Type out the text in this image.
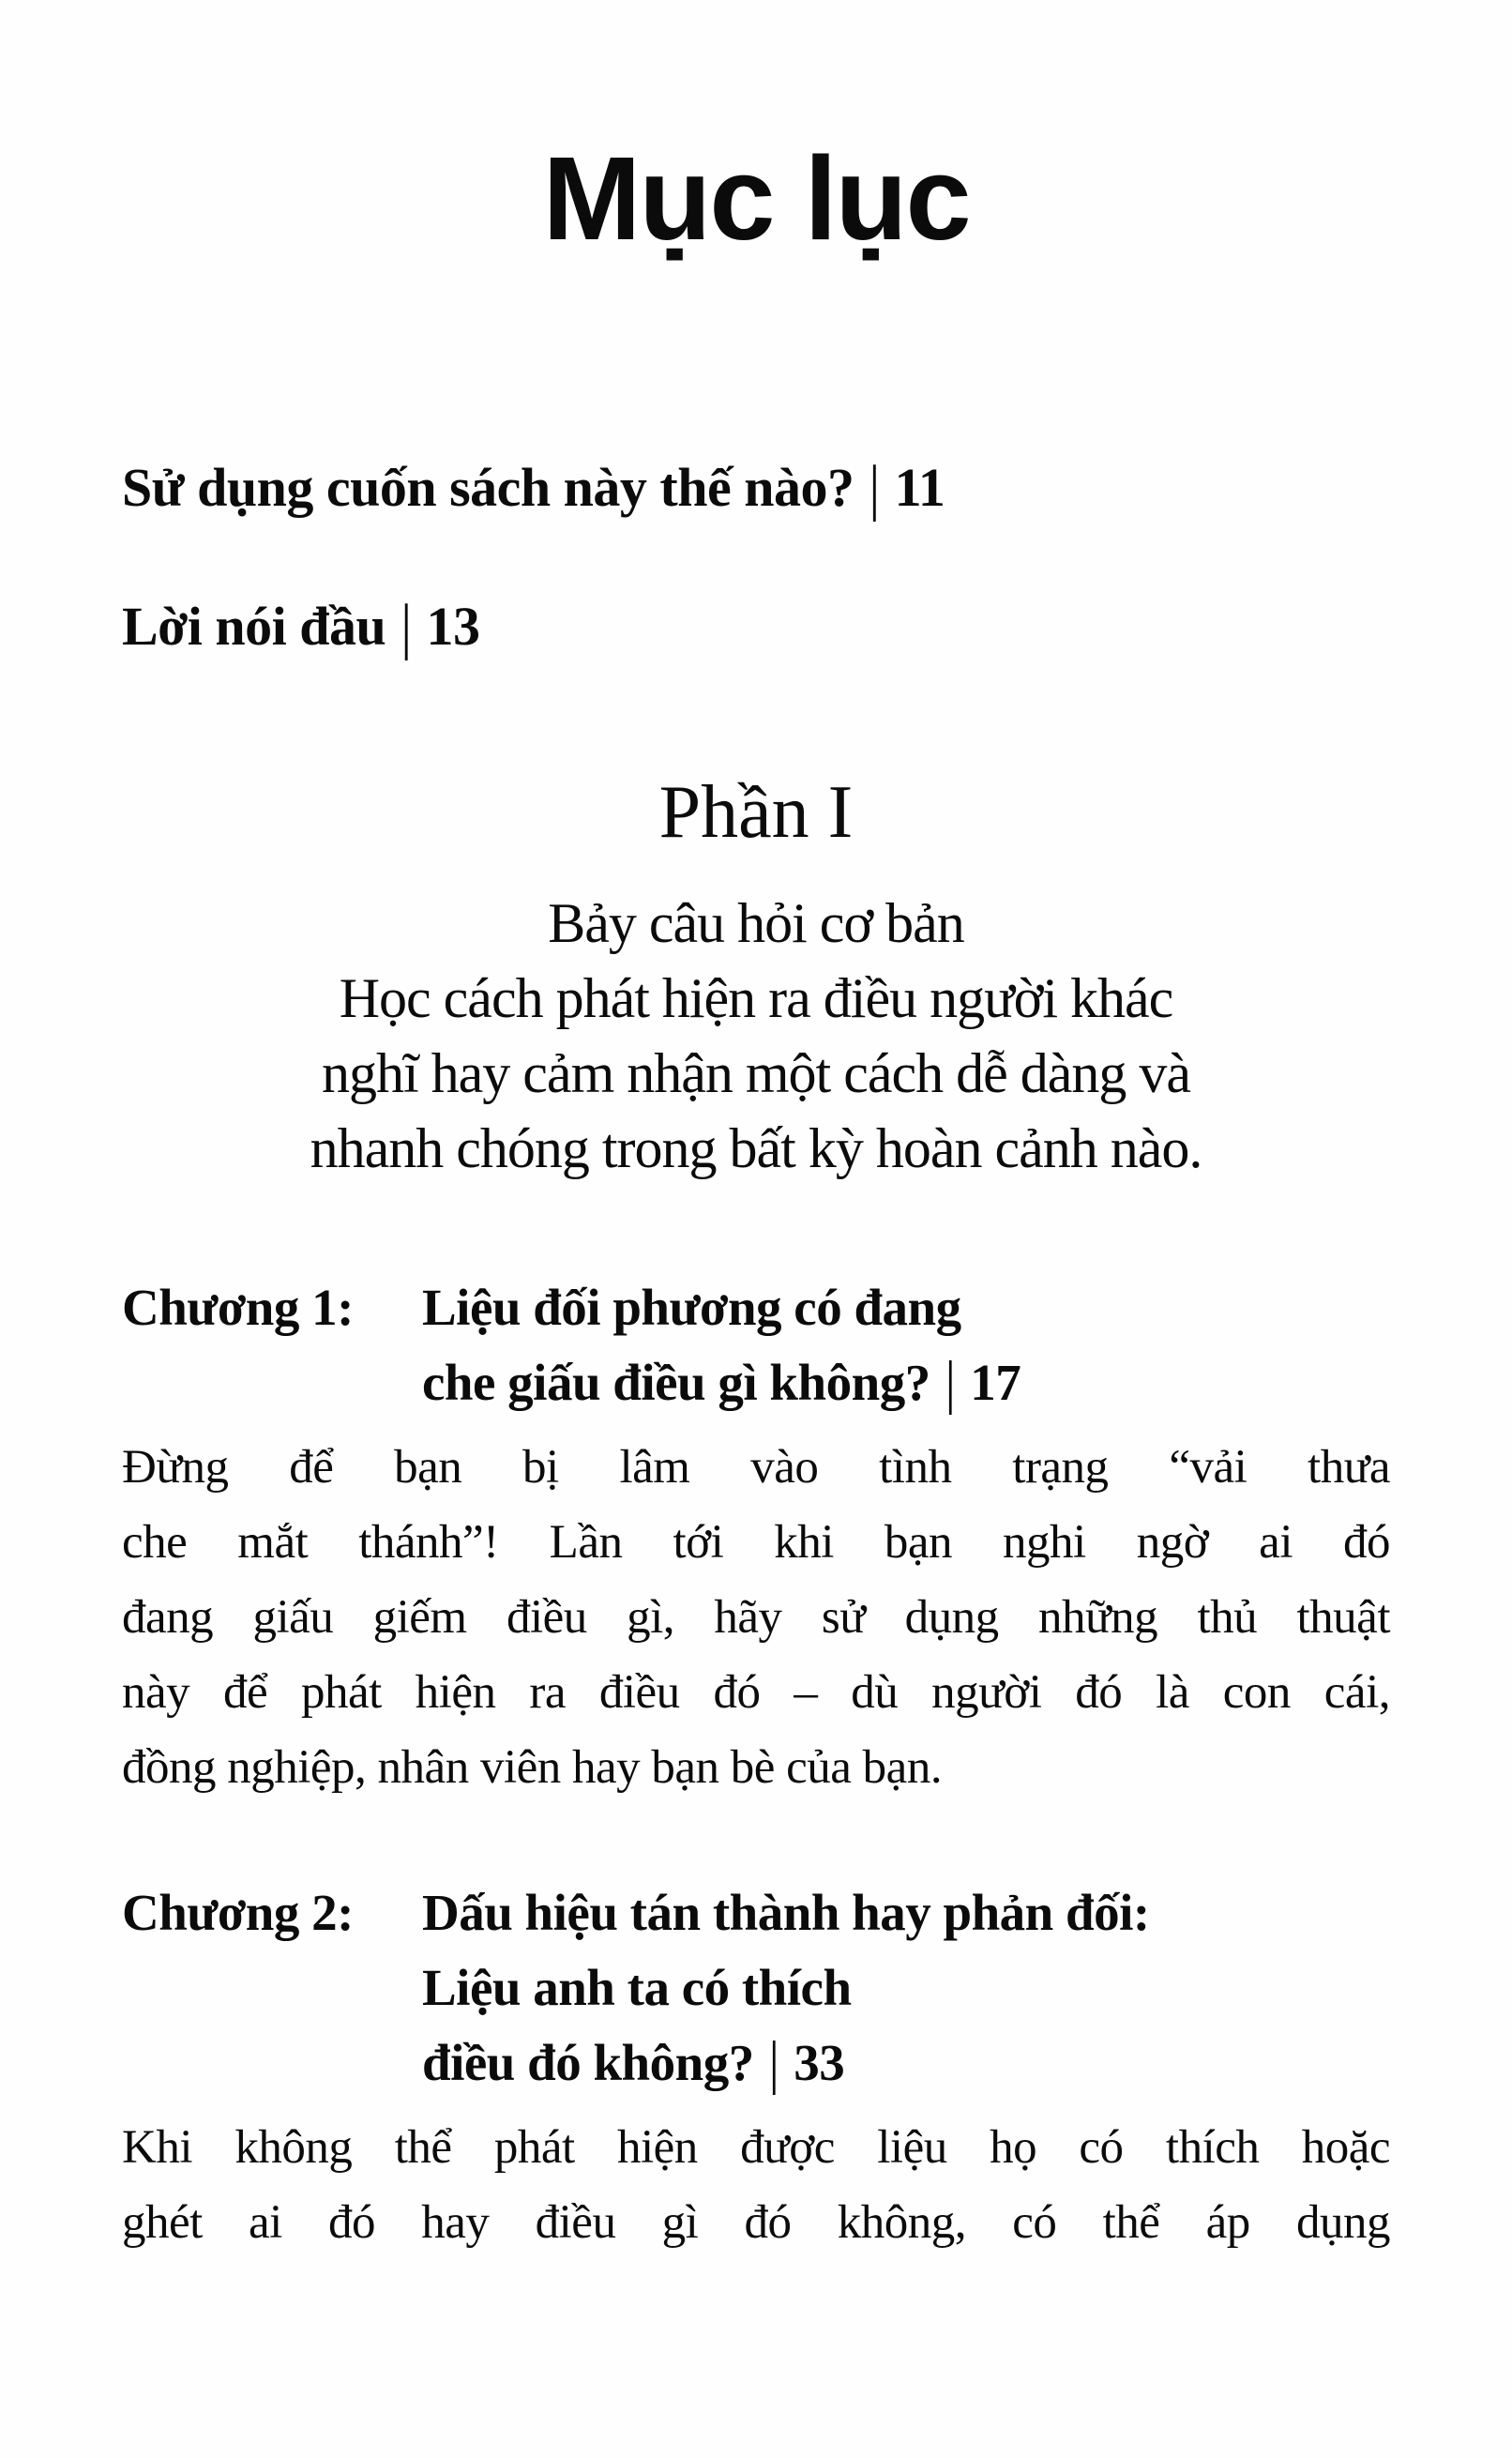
Mục lục
Sử dụng cuốn sách này thế nào? | 11
Lời nói đầu | 13
Phần I
Bảy câu hỏi cơ bản
Học cách phát hiện ra điều người khác
nghĩ hay cảm nhận một cách dễ dàng và
nhanh chóng trong bất kỳ hoàn cảnh nào.
Chương 1:	Liệu đối phương có đang
che giấu điều gì không? | 17
Đừng để bạn bị lâm vào tình trạng “vải thưa
che mắt thánh”! Lần tới khi bạn nghi ngờ ai đó
đang giấu giếm điều gì, hãy sử dụng những thủ thuật
này để phát hiện ra điều đó – dù người đó là con cái,
đồng nghiệp, nhân viên hay bạn bè của bạn.
Chương 2:	Dấu hiệu tán thành hay phản đối:
Liệu anh ta có thích
điều đó không? | 33
Khi không thể phát hiện được liệu họ có thích hoặc
ghét ai đó hay điều gì đó không, có thể áp dụng
